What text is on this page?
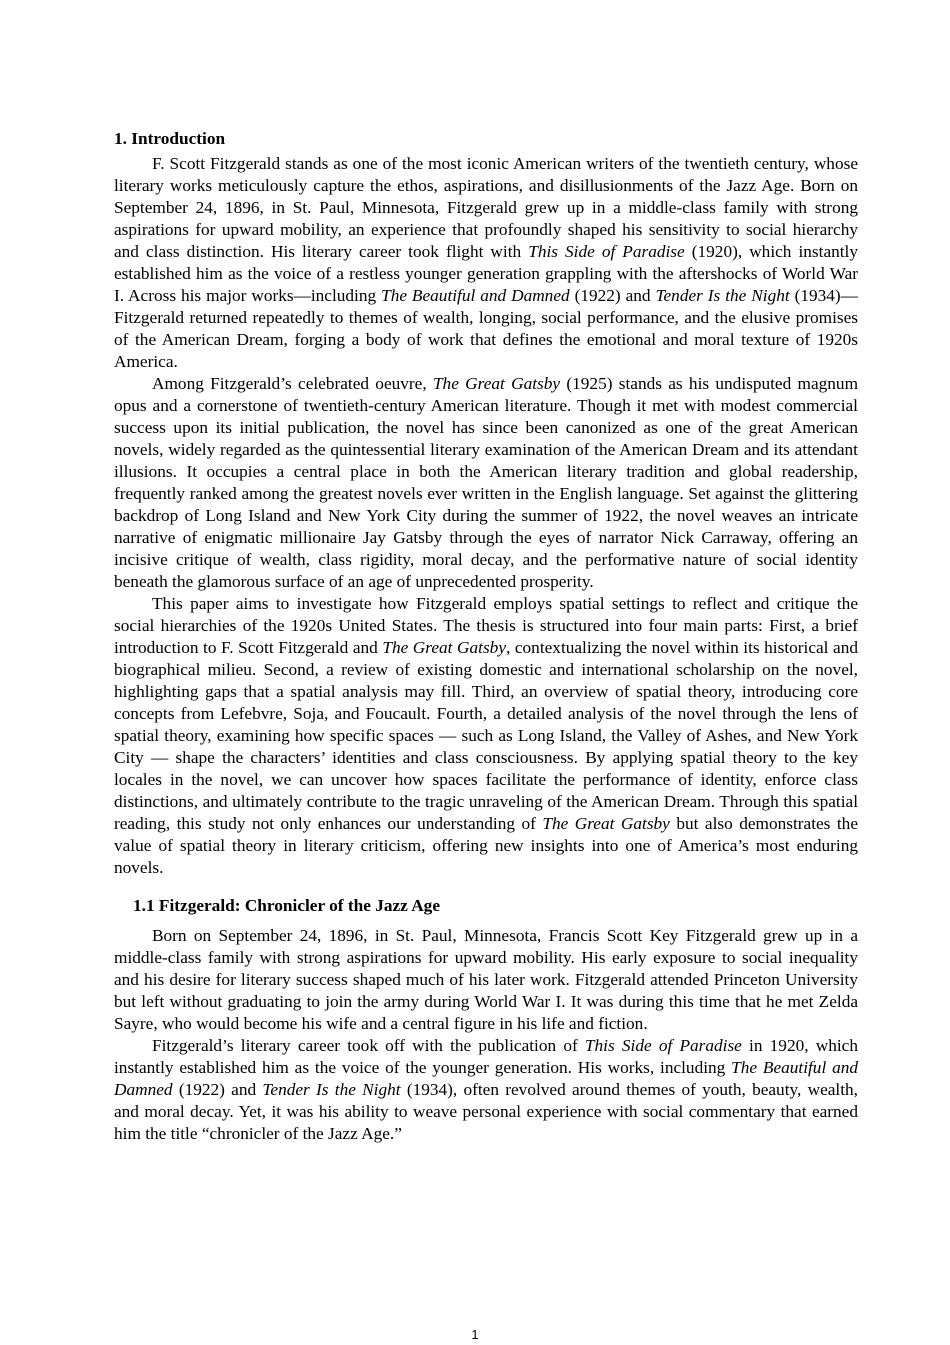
1. Introduction

F. Scott Fitzgerald stands as one of the most iconic American writers of the twentieth century, whose literary works meticulously capture the ethos, aspirations, and disillusionments of the Jazz Age. Born on September 24, 1896, in St. Paul, Minnesota, Fitzgerald grew up in a middle-class family with strong aspirations for upward mobility, an experience that profoundly shaped his sensitivity to social hierarchy and class distinction. His literary career took flight with This Side of Paradise (1920), which instantly established him as the voice of a restless younger generation grappling with the aftershocks of World War I. Across his major works—including The Beautiful and Damned (1922) and Tender Is the Night (1934)—Fitzgerald returned repeatedly to themes of wealth, longing, social performance, and the elusive promises of the American Dream, forging a body of work that defines the emotional and moral texture of 1920s America.

Among Fitzgerald’s celebrated oeuvre, The Great Gatsby (1925) stands as his undisputed magnum opus and a cornerstone of twentieth-century American literature. Though it met with modest commercial success upon its initial publication, the novel has since been canonized as one of the great American novels, widely regarded as the quintessential literary examination of the American Dream and its attendant illusions. It occupies a central place in both the American literary tradition and global readership, frequently ranked among the greatest novels ever written in the English language. Set against the glittering backdrop of Long Island and New York City during the summer of 1922, the novel weaves an intricate narrative of enigmatic millionaire Jay Gatsby through the eyes of narrator Nick Carraway, offering an incisive critique of wealth, class rigidity, moral decay, and the performative nature of social identity beneath the glamorous surface of an age of unprecedented prosperity.

This paper aims to investigate how Fitzgerald employs spatial settings to reflect and critique the social hierarchies of the 1920s United States. The thesis is structured into four main parts: First, a brief introduction to F. Scott Fitzgerald and The Great Gatsby, contextualizing the novel within its historical and biographical milieu. Second, a review of existing domestic and international scholarship on the novel, highlighting gaps that a spatial analysis may fill. Third, an overview of spatial theory, introducing core concepts from Lefebvre, Soja, and Foucault. Fourth, a detailed analysis of the novel through the lens of spatial theory, examining how specific spaces — such as Long Island, the Valley of Ashes, and New York City — shape the characters’ identities and class consciousness. By applying spatial theory to the key locales in the novel, we can uncover how spaces facilitate the performance of identity, enforce class distinctions, and ultimately contribute to the tragic unraveling of the American Dream. Through this spatial reading, this study not only enhances our understanding of The Great Gatsby but also demonstrates the value of spatial theory in literary criticism, offering new insights into one of America’s most enduring novels.

1.1 Fitzgerald: Chronicler of the Jazz Age

Born on September 24, 1896, in St. Paul, Minnesota, Francis Scott Key Fitzgerald grew up in a middle-class family with strong aspirations for upward mobility. His early exposure to social inequality and his desire for literary success shaped much of his later work. Fitzgerald attended Princeton University but left without graduating to join the army during World War I. It was during this time that he met Zelda Sayre, who would become his wife and a central figure in his life and fiction.

Fitzgerald’s literary career took off with the publication of This Side of Paradise in 1920, which instantly established him as the voice of the younger generation. His works, including The Beautiful and Damned (1922) and Tender Is the Night (1934), often revolved around themes of youth, beauty, wealth, and moral decay. Yet, it was his ability to weave personal experience with social commentary that earned him the title “chronicler of the Jazz Age.”

1
